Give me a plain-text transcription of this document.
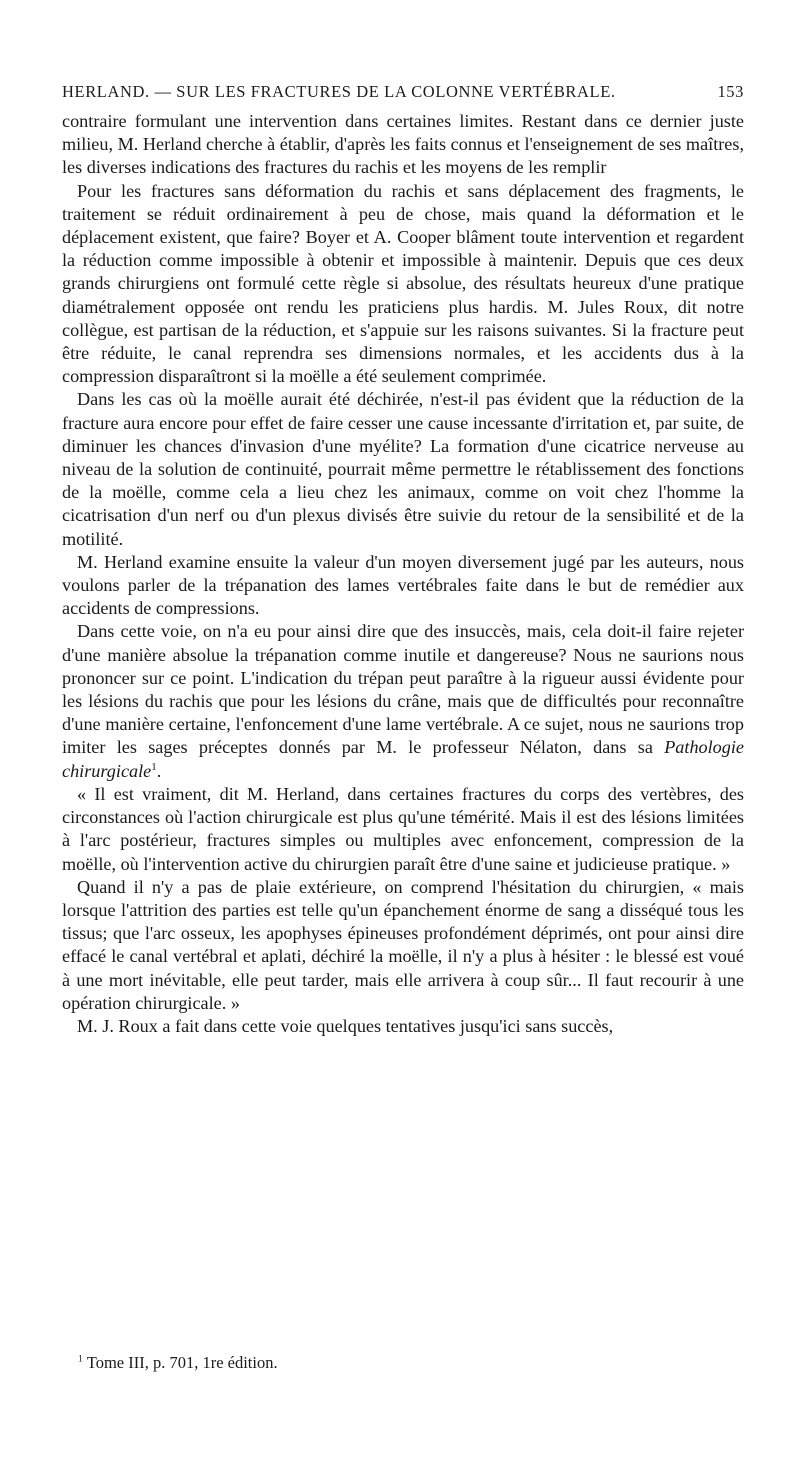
HERLAND. — SUR LES FRACTURES DE LA COLONNE VERTÉBRALE.	153

contraire formulant une intervention dans certaines limites. Restant dans ce dernier juste milieu, M. Herland cherche à établir, d'après les faits connus et l'enseignement de ses maîtres, les diverses indications des fractures du rachis et les moyens de les remplir

Pour les fractures sans déformation du rachis et sans déplacement des fragments, le traitement se réduit ordinairement à peu de chose, mais quand la déformation et le déplacement existent, que faire? Boyer et A. Cooper blâment toute intervention et regardent la réduction comme impossible à obtenir et impossible à maintenir. Depuis que ces deux grands chirurgiens ont formulé cette règle si absolue, des résultats heureux d'une pratique diamétralement opposée ont rendu les praticiens plus hardis. M. Jules Roux, dit notre collègue, est partisan de la réduction, et s'appuie sur les raisons suivantes. Si la fracture peut être réduite, le canal reprendra ses dimensions normales, et les accidents dus à la compression disparaîtront si la moëlle a été seulement comprimée.

Dans les cas où la moëlle aurait été déchirée, n'est-il pas évident que la réduction de la fracture aura encore pour effet de faire cesser une cause incessante d'irritation et, par suite, de diminuer les chances d'invasion d'une myélite? La formation d'une cicatrice nerveuse au niveau de la solution de continuité, pourrait même permettre le rétablissement des fonctions de la moëlle, comme cela a lieu chez les animaux, comme on voit chez l'homme la cicatrisation d'un nerf ou d'un plexus divisés être suivie du retour de la sensibilité et de la motilité.

M. Herland examine ensuite la valeur d'un moyen diversement jugé par les auteurs, nous voulons parler de la trépanation des lames vertébrales faite dans le but de remédier aux accidents de compressions.

Dans cette voie, on n'a eu pour ainsi dire que des insuccès, mais, cela doit-il faire rejeter d'une manière absolue la trépanation comme inutile et dangereuse? Nous ne saurions nous prononcer sur ce point. L'indication du trépan peut paraître à la rigueur aussi évidente pour les lésions du rachis que pour les lésions du crâne, mais que de difficultés pour reconnaître d'une manière certaine, l'enfoncement d'une lame vertébrale. A ce sujet, nous ne saurions trop imiter les sages préceptes donnés par M. le professeur Nélaton, dans sa Pathologie chirurgicale$^1$.

« Il est vraiment, dit M. Herland, dans certaines fractures du corps des vertèbres, des circonstances où l'action chirurgicale est plus qu'une témérité. Mais il est des lésions limitées à l'arc postérieur, fractures simples ou multiples avec enfoncement, compression de la moëlle, où l'intervention active du chirurgien paraît être d'une saine et judicieuse pratique. »

Quand il n'y a pas de plaie extérieure, on comprend l'hésitation du chirurgien, « mais lorsque l'attrition des parties est telle qu'un épanchement énorme de sang a disséqué tous les tissus; que l'arc osseux, les apophyses épineuses profondément déprimés, ont pour ainsi dire effacé le canal vertébral et aplati, déchiré la moëlle, il n'y a plus à hésiter : le blessé est voué à une mort inévitable, elle peut tarder, mais elle arrivera à coup sûr... Il faut recourir à une opération chirurgicale. »

M. J. Roux a fait dans cette voie quelques tentatives jusqu'ici sans succès,

$^1$ Tome III, p. 701, 1re édition.
